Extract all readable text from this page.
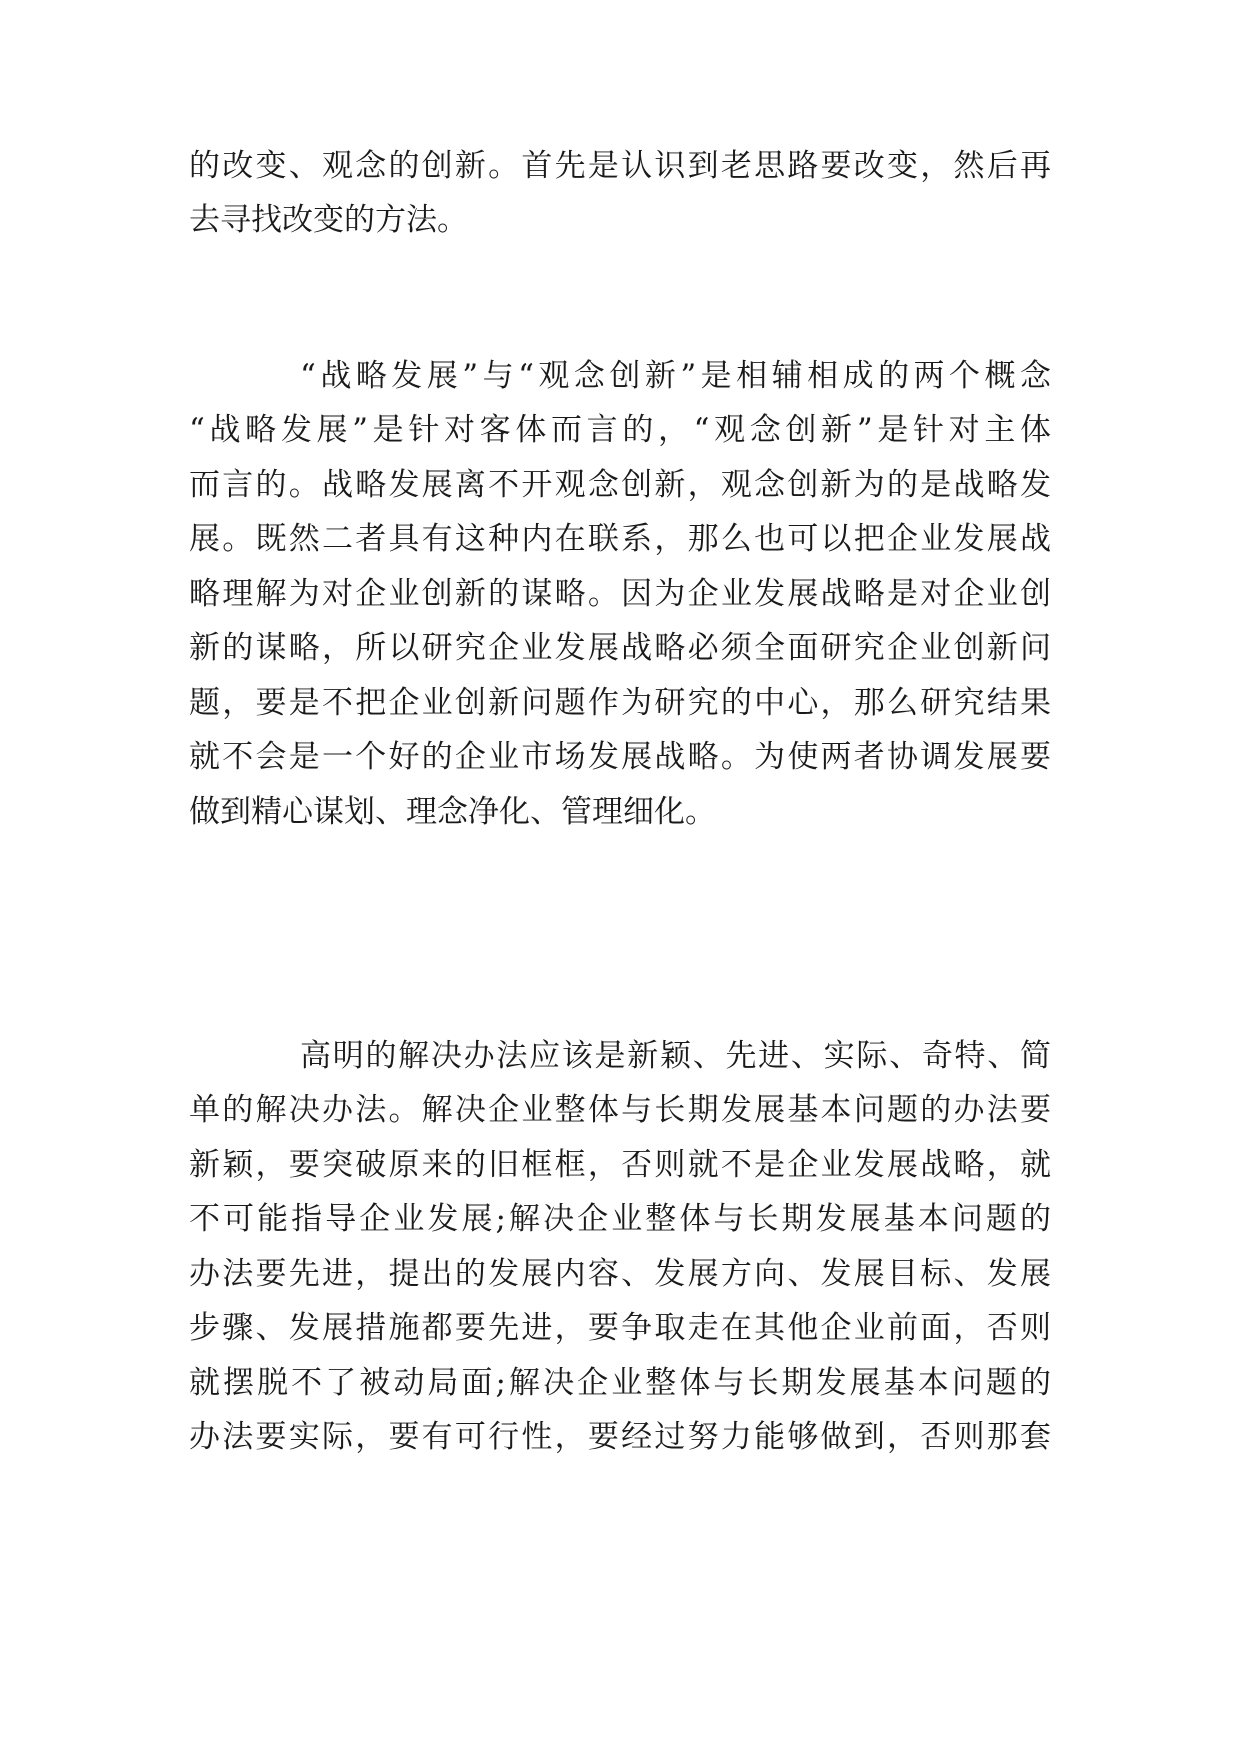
的改变、观念的创新。首先是认识到老思路要改变，然后再
去寻找改变的方法。
“战略发展”与“观念创新”是相辅相成的两个概念
“战略发展”是针对客体而言的，“观念创新”是针对主体
而言的。战略发展离不开观念创新，观念创新为的是战略发
展。既然二者具有这种内在联系，那么也可以把企业发展战
略理解为对企业创新的谋略。因为企业发展战略是对企业创
新的谋略，所以研究企业发展战略必须全面研究企业创新问
题，要是不把企业创新问题作为研究的中心，那么研究结果
就不会是一个好的企业市场发展战略。为使两者协调发展要
做到精心谋划、理念净化、管理细化。
高明的解决办法应该是新颖、先进、实际、奇特、简
单的解决办法。解决企业整体与长期发展基本问题的办法要
新颖，要突破原来的旧框框，否则就不是企业发展战略，就
不可能指导企业发展;解决企业整体与长期发展基本问题的
办法要先进，提出的发展内容、发展方向、发展目标、发展
步骤、发展措施都要先进，要争取走在其他企业前面，否则
就摆脱不了被动局面;解决企业整体与长期发展基本问题的
办法要实际，要有可行性，要经过努力能够做到，否则那套
